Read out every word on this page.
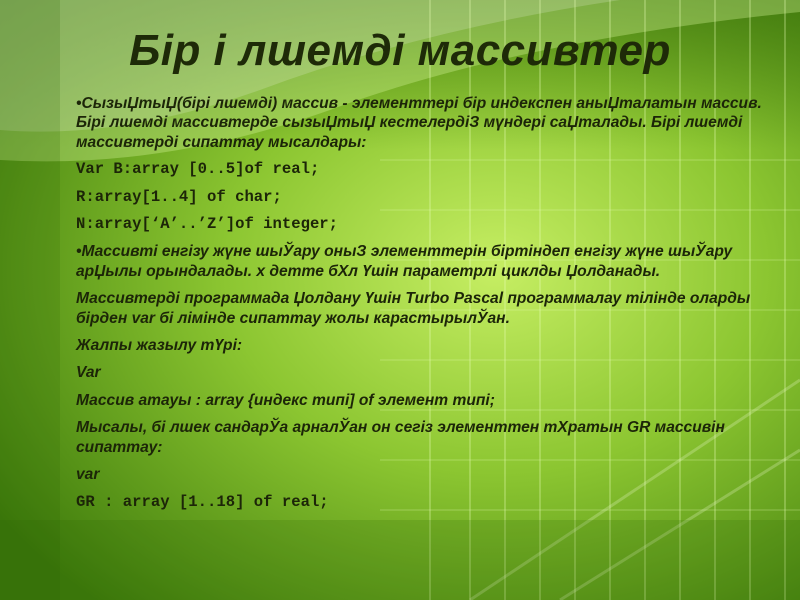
Бір і лшемді массивтер

•СызыЏтыЏ(бірі лшемді) массив - элементтері бір индекспен аныЏталатын массив. Бірі лшемді массивтерде сызыЏтыЏ кестелердіЗ мүндері саЏталады. Бірі лшемді массивтерді сипаттау мысалдары:

Var B:array [0..5]of real;
R:array[1..4] of char;
N:array[‘A’..’Z’]of integer;

•Массивті енгізу жүне шыЎару оныЗ элементтерін біртіндеп енгізу жүне шыЎару арЏылы орындалады. х детте бХл Үшін параметрлі циклды Џолданады.

Массивтерді программада Џолдану Үшін Turbo Pascal программалау тілінде оларды бірден var бі лімінде сипаттау жолы карастырылЎан.

Жалпы жазылу тҮрі:

Var

Массив атауы : array {индекс типі] of элемент типі;

Мысалы, бі лшек сандарЎа арналЎан он сегіз элементтен тХратын GR массивін сипаттау:

var

GR : array [1..18] of real;
